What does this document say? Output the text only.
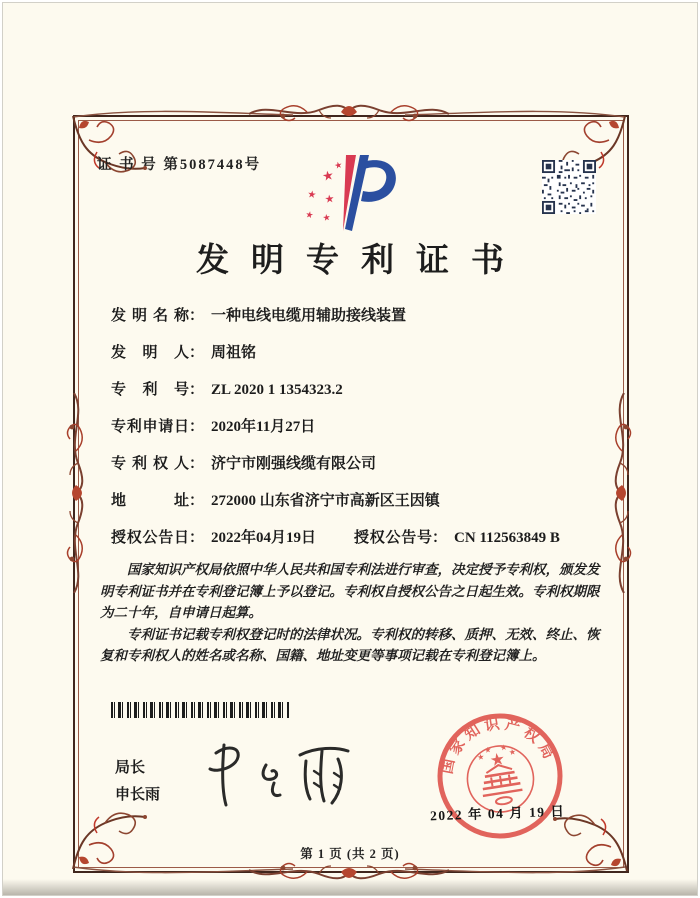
证 书 号 第5087448号	★
★
★ ★
★ ★
发明专利证书
发明名称 ： 一种电线电缆用辅助接线装置
发明人 ： 周祖铭
专利号 ： ZL 2020 1 1354323.2
专利申请日 ： 2020年11月27日
专利权人 ： 济宁市刚强线缆有限公司
地址 ： 272000 山东省济宁市高新区王因镇
授权公告日 ： 2022年04月19日	授权公告号 ： CN 112563849 B

国家知识产权局依照中华人民共和国专利法进行审查，决定授予专利权，颁发发明专利证书并在专利登记簿上予以登记。专利权自授权公告之日起生效。专利权期限为二十年，自申请日起算。

专利证书记载专利权登记时的法律状况。专利权的转移、质押、无效、终止、恢复和专利权人的姓名或名称、国籍、地址变更等事项记载在专利登记簿上。

局长
申长雨
国
家
知 识 产
权
局
★
★
★ ★ ★
2022 年 04 月 19 日
第 1 页 (共 2 页)
